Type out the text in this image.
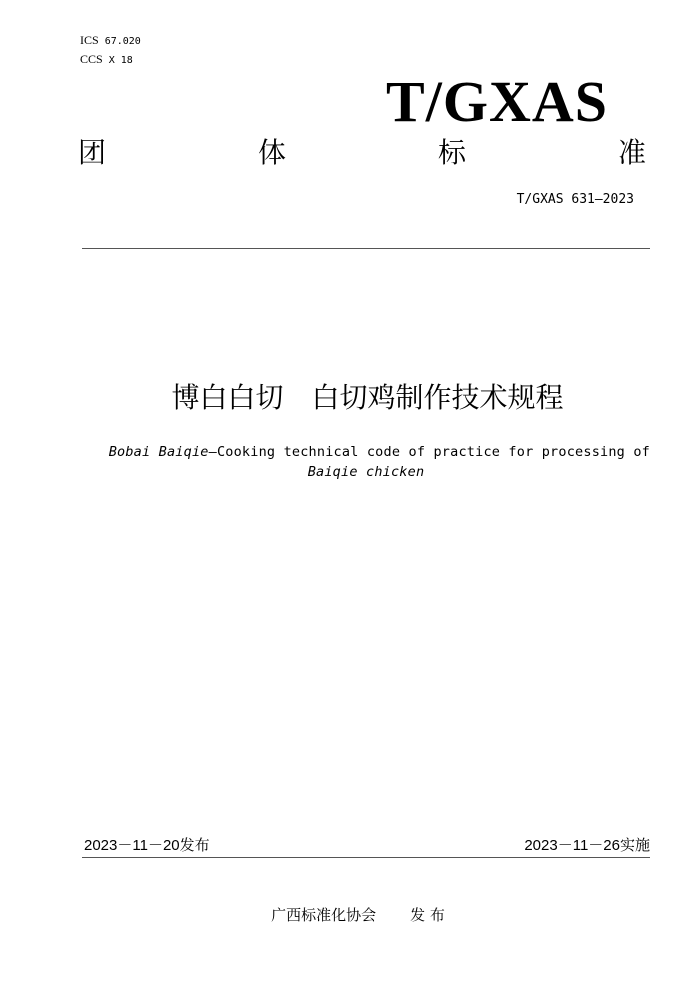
ICS 67.020
CCS X 18
T/GXAS
团	体	标	准
T/GXAS 631—2023
博白白切　白切鸡制作技术规程
Bobai Baiqie—Cooking technical code of practice for processing of
Baiqie chicken
2023－11－20发布	2023－11－26实施
广西标准化协会 发 布
